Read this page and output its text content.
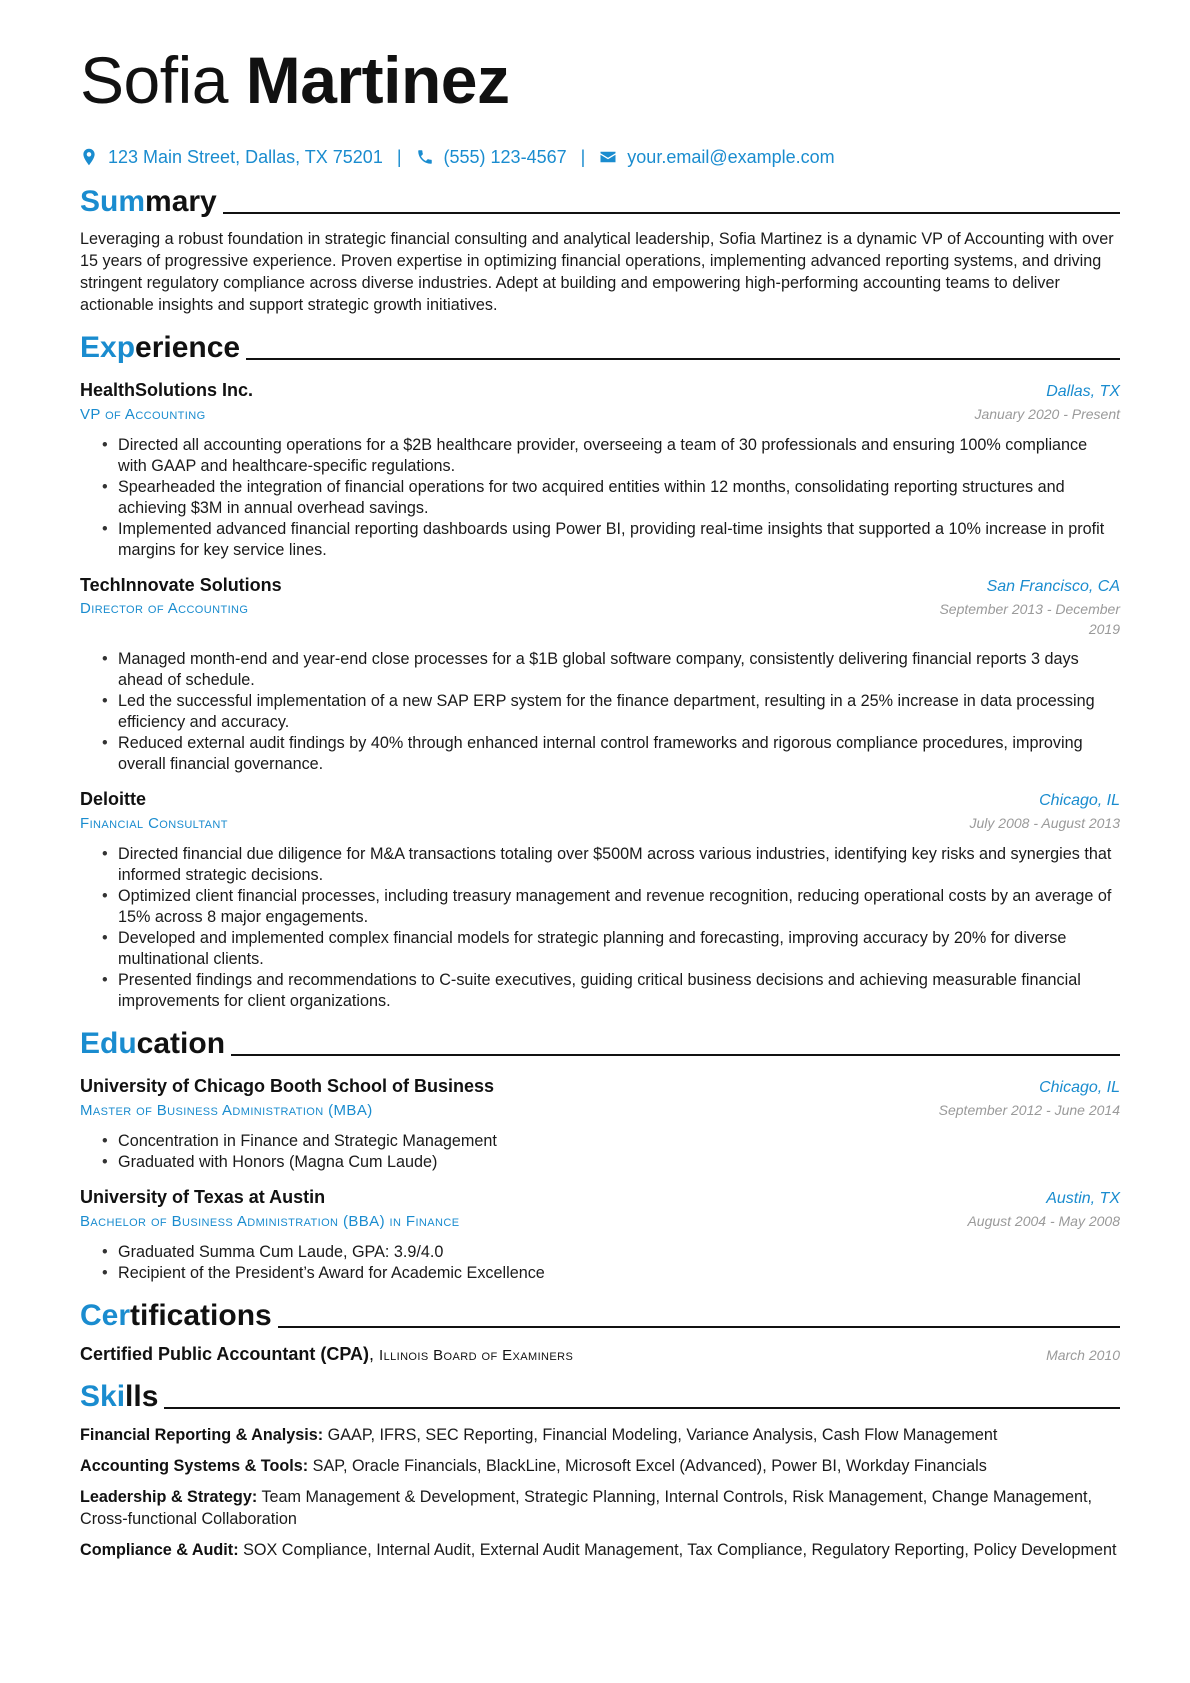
Sofia Martinez
123 Main Street, Dallas, TX 75201 | (555) 123-4567 | your.email@example.com
Summary

Leveraging a robust foundation in strategic financial consulting and analytical leadership, Sofia Martinez is a dynamic VP of Accounting with over 15 years of progressive experience. Proven expertise in optimizing financial operations, implementing advanced reporting systems, and driving stringent regulatory compliance across diverse industries. Adept at building and empowering high-performing accounting teams to deliver actionable insights and support strategic growth initiatives.

Experience
HealthSolutions Inc.	Dallas, TX
VP of Accounting	January 2020 - Present
• Directed all accounting operations for a $2B healthcare provider, overseeing a team of 30 professionals and ensuring 100% compliance with GAAP and healthcare-specific regulations.
• Spearheaded the integration of financial operations for two acquired entities within 12 months, consolidating reporting structures and achieving $3M in annual overhead savings.
• Implemented advanced financial reporting dashboards using Power BI, providing real-time insights that supported a 10% increase in profit margins for key service lines.
TechInnovate Solutions	San Francisco, CA
Director of Accounting	September 2013 - December 2019
• Managed month-end and year-end close processes for a $1B global software company, consistently delivering financial reports 3 days ahead of schedule.
• Led the successful implementation of a new SAP ERP system for the finance department, resulting in a 25% increase in data processing efficiency and accuracy.
• Reduced external audit findings by 40% through enhanced internal control frameworks and rigorous compliance procedures, improving overall financial governance.
Deloitte	Chicago, IL
Financial Consultant	July 2008 - August 2013
• Directed financial due diligence for M&A transactions totaling over $500M across various industries, identifying key risks and synergies that informed strategic decisions.
• Optimized client financial processes, including treasury management and revenue recognition, reducing operational costs by an average of 15% across 8 major engagements.
• Developed and implemented complex financial models for strategic planning and forecasting, improving accuracy by 20% for diverse multinational clients.
• Presented findings and recommendations to C-suite executives, guiding critical business decisions and achieving measurable financial improvements for client organizations.
Education
University of Chicago Booth School of Business	Chicago, IL
Master of Business Administration (MBA)	September 2012 - June 2014
• Concentration in Finance and Strategic Management
• Graduated with Honors (Magna Cum Laude)
University of Texas at Austin	Austin, TX
Bachelor of Business Administration (BBA) in Finance	August 2004 - May 2008
• Graduated Summa Cum Laude, GPA: 3.9/4.0
• Recipient of the President’s Award for Academic Excellence
Certifications
Certified Public Accountant (CPA), Illinois Board of Examiners	March 2010
Skills

Financial Reporting & Analysis: GAAP, IFRS, SEC Reporting, Financial Modeling, Variance Analysis, Cash Flow Management

Accounting Systems & Tools: SAP, Oracle Financials, BlackLine, Microsoft Excel (Advanced), Power BI, Workday Financials

Leadership & Strategy: Team Management & Development, Strategic Planning, Internal Controls, Risk Management, Change Management, Cross-functional Collaboration

Compliance & Audit: SOX Compliance, Internal Audit, External Audit Management, Tax Compliance, Regulatory Reporting, Policy Development
